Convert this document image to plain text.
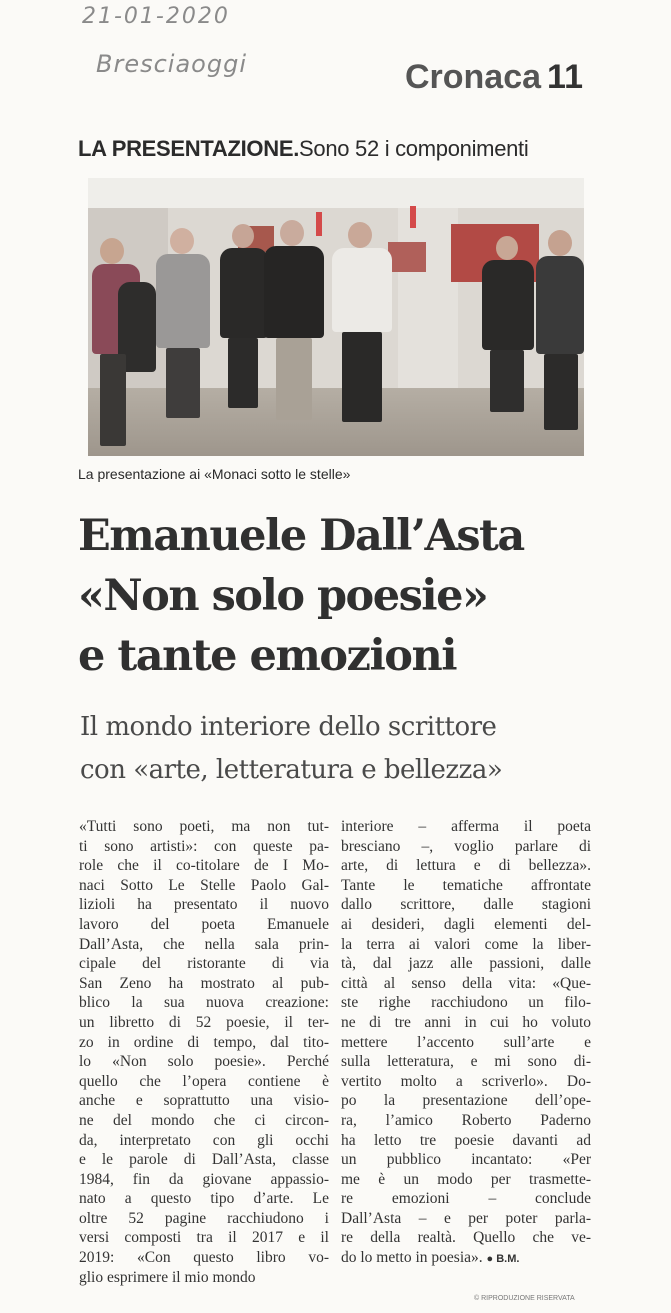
21-01-2020
Bresciaoggi	Cronaca 11
LA PRESENTAZIONE.Sono 52 i componimenti
La presentazione ai «Monaci sotto le stelle»
Emanuele Dall’Asta
«Non solo poesie»
e tante emozioni
Il mondo interiore dello scrittore
con «arte, letteratura e bellezza»
«Tutti sono poeti, ma non tut-
ti sono artisti»: con queste pa-
role che il co-titolare de I Mo-
naci Sotto Le Stelle Paolo Gal-
lizioli ha presentato il nuovo
lavoro del poeta Emanuele
Dall’Asta, che nella sala prin-
cipale del ristorante di via
San Zeno ha mostrato al pub-
blico la sua nuova creazione:
un libretto di 52 poesie, il ter-
zo in ordine di tempo, dal tito-
lo «Non solo poesie». Perché
quello che l’opera contiene è
anche e soprattutto una visio-
ne del mondo che ci circon-
da, interpretato con gli occhi
e le parole di Dall’Asta, classe
1984, fin da giovane appassio-
nato a questo tipo d’arte. Le
oltre 52 pagine racchiudono i
versi composti tra il 2017 e il
2019: «Con questo libro vo-
glio esprimere il mio mondo
interiore – afferma il poeta
bresciano –, voglio parlare di
arte, di lettura e di bellezza».
Tante le tematiche affrontate
dallo scrittore, dalle stagioni
ai desideri, dagli elementi del-
la terra ai valori come la liber-
tà, dal jazz alle passioni, dalle
città al senso della vita: «Que-
ste righe racchiudono un filo-
ne di tre anni in cui ho voluto
mettere l’accento sull’arte e
sulla letteratura, e mi sono di-
vertito molto a scriverlo». Do-
po la presentazione dell’ope-
ra, l’amico Roberto Paderno
ha letto tre poesie davanti ad
un pubblico incantato: «Per
me è un modo per trasmette-
re emozioni – conclude
Dall’Asta – e per poter parla-
re della realtà. Quello che ve-
do lo metto in poesia». ● B.M.
© RIPRODUZIONE RISERVATA
